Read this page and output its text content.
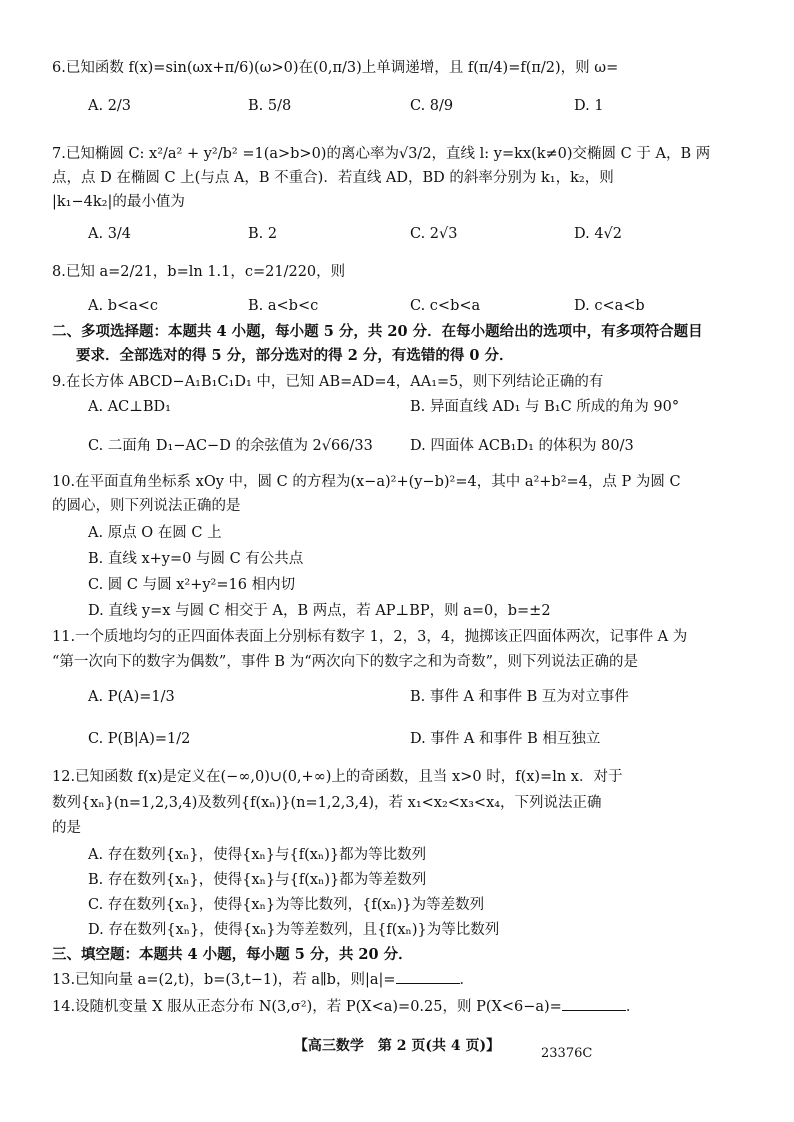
6.已知函数 f(x)=sin(ωx+π/6)(ω>0)在(0,π/3)上单调递增，且 f(π/4)=f(π/2)，则 ω=
A. 2/3	B. 5/8	C. 8/9	D. 1
7.已知椭圆 C: x²/a² + y²/b² =1(a>b>0)的离心率为√3/2，直线 l: y=kx(k≠0)交椭圆 C 于 A，B 两
点，点 D 在椭圆 C 上(与点 A，B 不重合)．若直线 AD，BD 的斜率分别为 k₁，k₂，则
|k₁−4k₂|的最小值为
A. 3/4	B. 2	C. 2√3	D. 4√2
8.已知 a=2/21，b=ln 1.1，c=21/220，则
A. b<a<c	B. a<b<c	C. c<b<a	D. c<a<b
二、多项选择题：本题共 4 小题，每小题 5 分，共 20 分．在每小题给出的选项中，有多项符合题目
要求．全部选对的得 5 分，部分选对的得 2 分，有选错的得 0 分．
9.在长方体 ABCD−A₁B₁C₁D₁ 中，已知 AB=AD=4，AA₁=5，则下列结论正确的有
A. AC⊥BD₁	B. 异面直线 AD₁ 与 B₁C 所成的角为 90°
C. 二面角 D₁−AC−D 的余弦值为 2√66/33	D. 四面体 ACB₁D₁ 的体积为 80/3
10.在平面直角坐标系 xOy 中，圆 C 的方程为(x−a)²+(y−b)²=4，其中 a²+b²=4，点 P 为圆 C
的圆心，则下列说法正确的是
A. 原点 O 在圆 C 上
B. 直线 x+y=0 与圆 C 有公共点
C. 圆 C 与圆 x²+y²=16 相内切
D. 直线 y=x 与圆 C 相交于 A，B 两点，若 AP⊥BP，则 a=0，b=±2
11.一个质地均匀的正四面体表面上分别标有数字 1，2，3，4，抛掷该正四面体两次，记事件 A 为
“第一次向下的数字为偶数”，事件 B 为“两次向下的数字之和为奇数”，则下列说法正确的是
A. P(A)=1/3	B. 事件 A 和事件 B 互为对立事件
C. P(B|A)=1/2	D. 事件 A 和事件 B 相互独立
12.已知函数 f(x)是定义在(−∞,0)∪(0,+∞)上的奇函数，且当 x>0 时，f(x)=ln x．对于
数列{xₙ}(n=1,2,3,4)及数列{f(xₙ)}(n=1,2,3,4)，若 x₁<x₂<x₃<x₄，下列说法正确
的是
A. 存在数列{xₙ}，使得{xₙ}与{f(xₙ)}都为等比数列
B. 存在数列{xₙ}，使得{xₙ}与{f(xₙ)}都为等差数列
C. 存在数列{xₙ}，使得{xₙ}为等比数列，{f(xₙ)}为等差数列
D. 存在数列{xₙ}，使得{xₙ}为等差数列，且{f(xₙ)}为等比数列
三、填空题：本题共 4 小题，每小题 5 分，共 20 分．
13.已知向量 a=(2,t)，b=(3,t−1)，若 a∥b，则|a|=	．
14.设随机变量 X 服从正态分布 N(3,σ²)，若 P(X<a)=0.25，则 P(X<6−a)=	．
【高三数学　第 2 页(共 4 页)】	23376C
